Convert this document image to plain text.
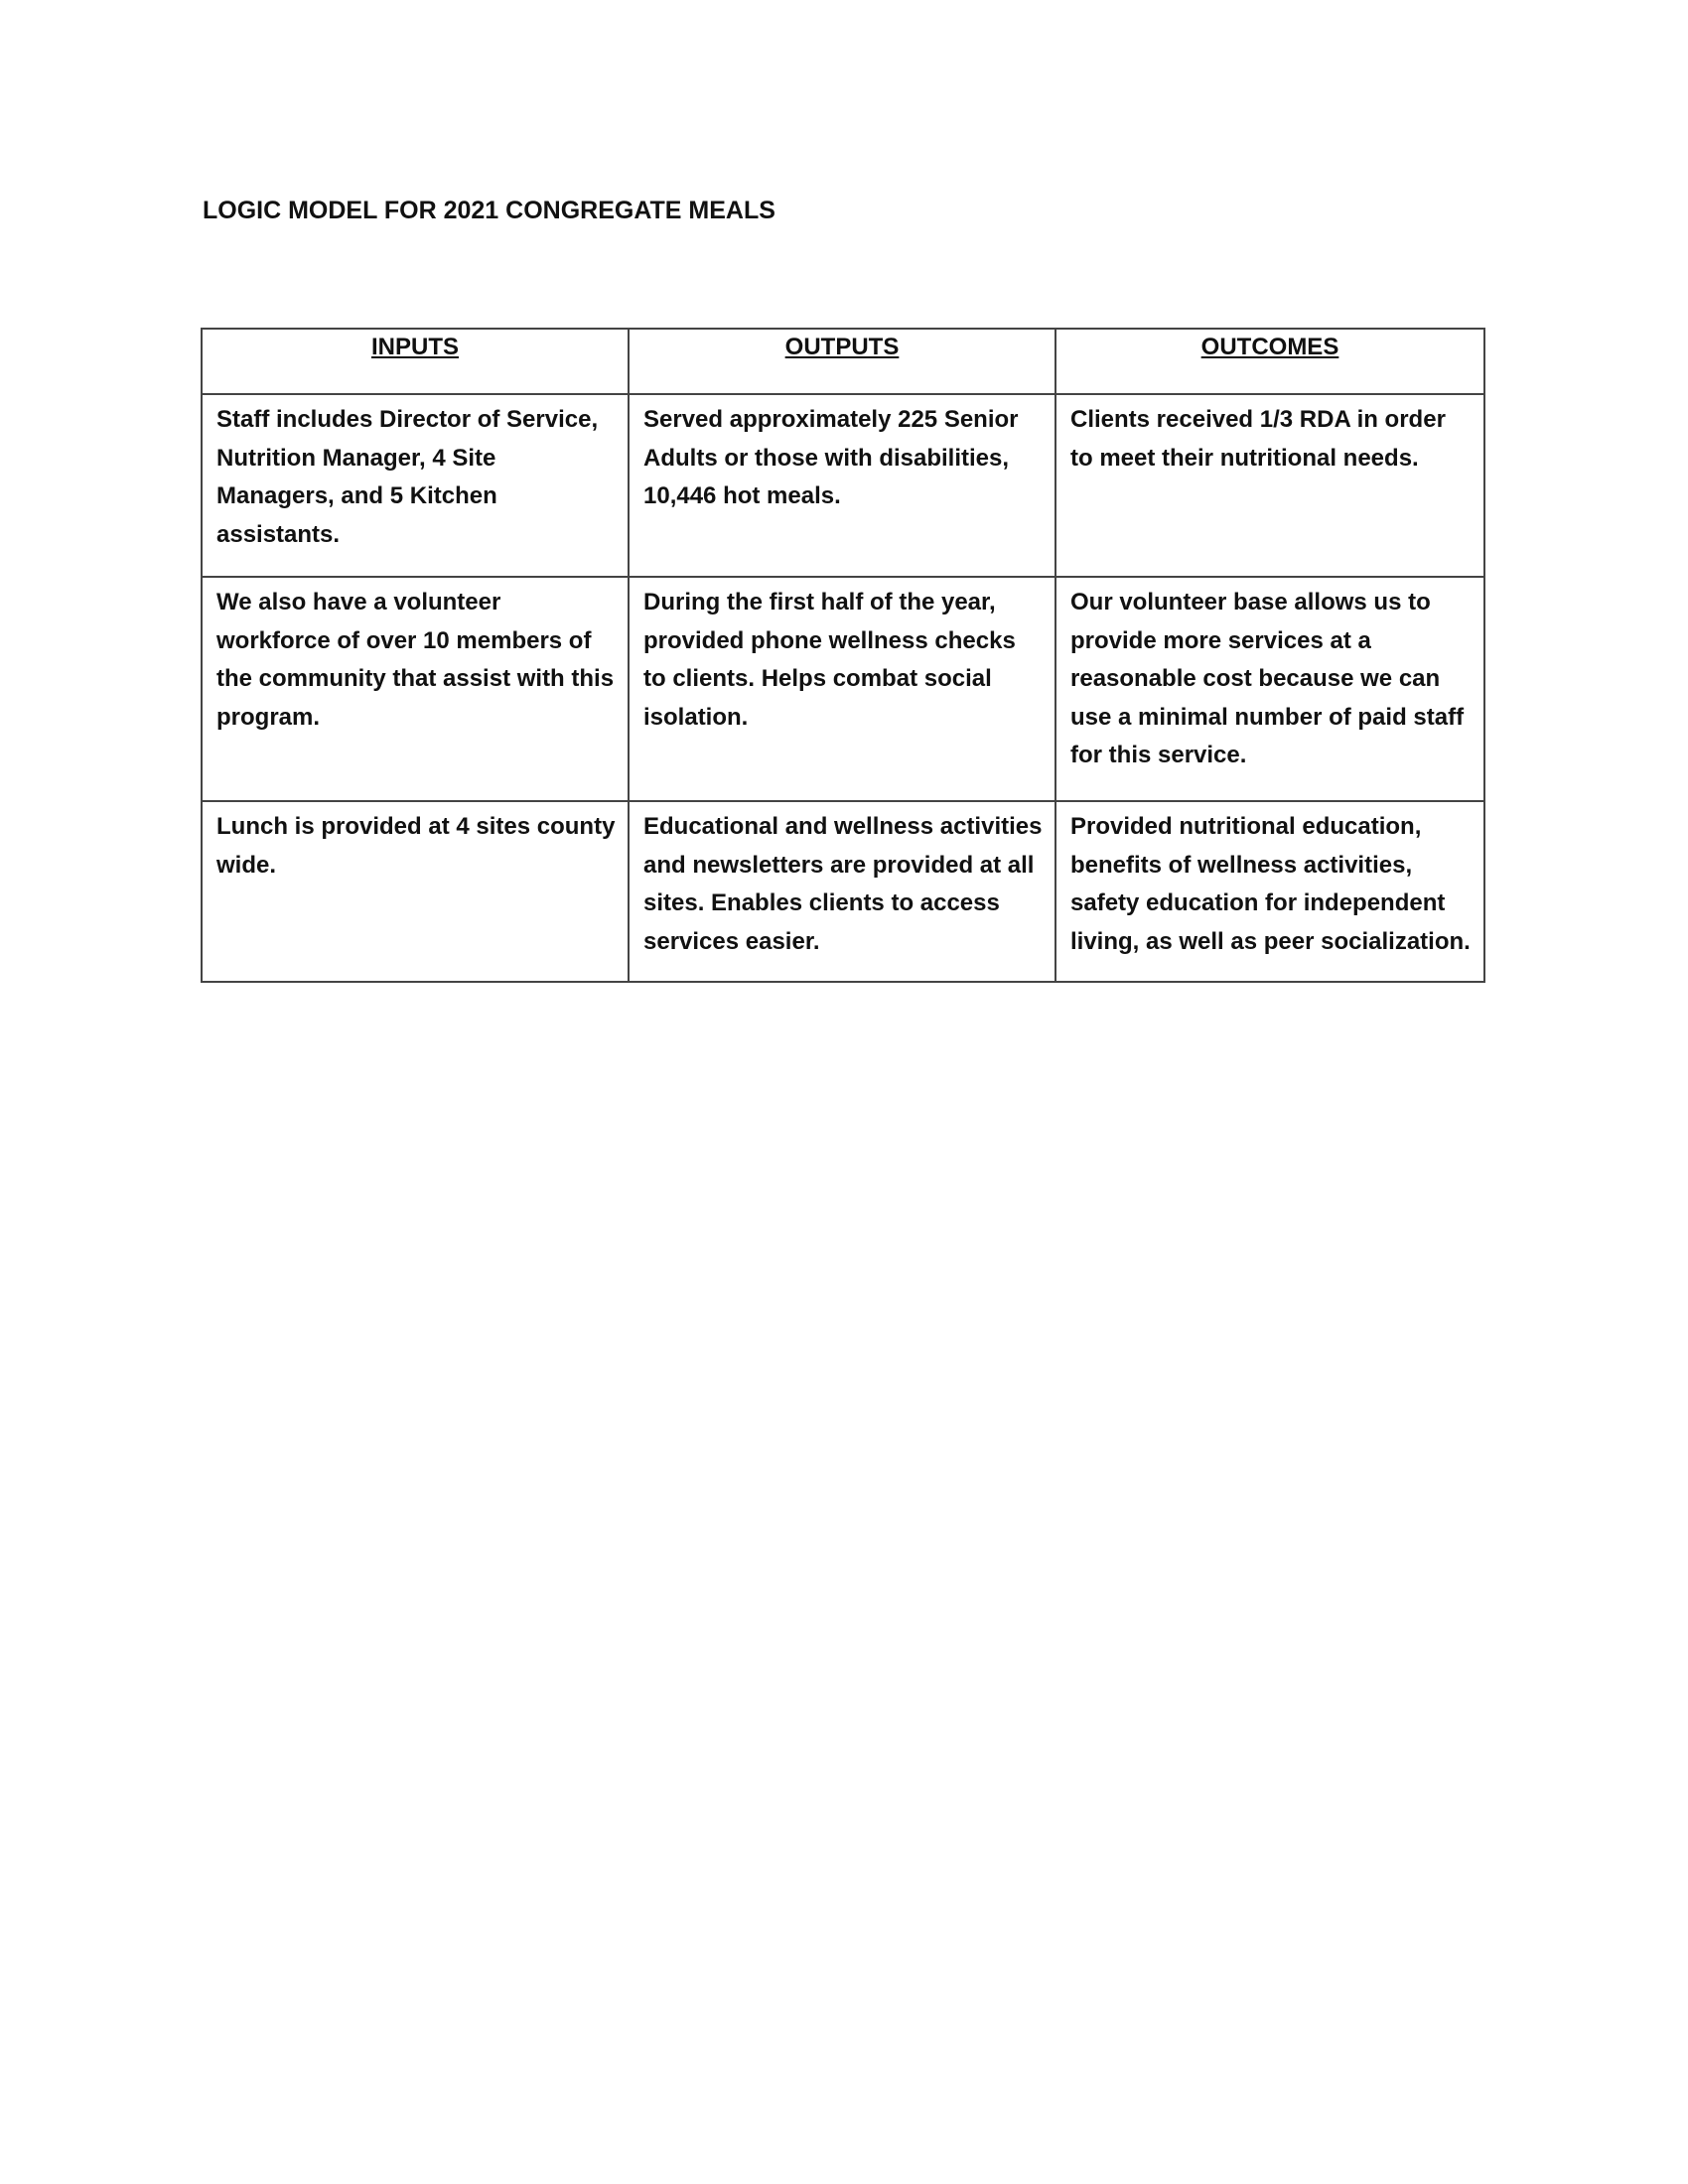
LOGIC MODEL FOR 2021 CONGREGATE MEALS
INPUTS	OUTPUTS	OUTCOMES
Staff includes Director of Service, Nutrition Manager, 4 Site Managers, and 5 Kitchen assistants.	Served approximately 225 Senior Adults or those with disabilities, 10,446 hot meals.	Clients received 1/3 RDA in order to meet their nutritional needs.
We also have a volunteer workforce of over 10 members of the community that assist with this program.	During the first half of the year, provided phone wellness checks to clients. Helps combat social isolation.	Our volunteer base allows us to provide more services at a reasonable cost because we can use a minimal number of paid staff for this service.
Lunch is provided at 4 sites county wide.	Educational and wellness activities and newsletters are provided at all sites. Enables clients to access services easier.	Provided nutritional education, benefits of wellness activities, safety education for independent living, as well as peer socialization.
